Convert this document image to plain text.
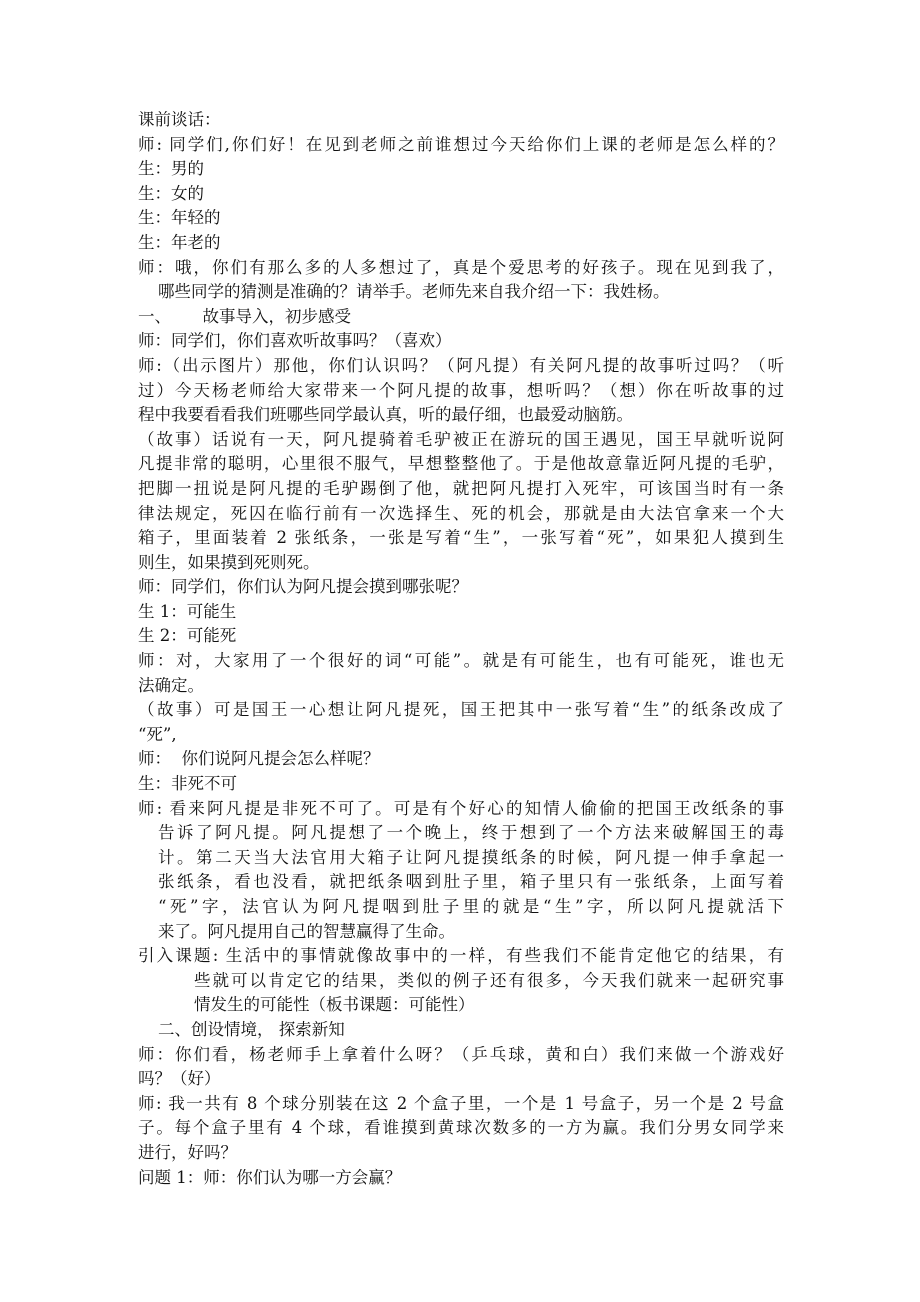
课前谈话：
师: 同学们,你们好！在见到老师之前谁想过今天给你们上课的老师是怎么样的？
生：男的
生：女的
生：年轻的
生：年老的
师：哦，你们有那么多的人多想过了，真是个爱思考的好孩子。现在见到我了，
哪些同学的猜测是准确的？请举手。老师先来自我介绍一下：我姓杨。
一、      故事导入，初步感受
师：同学们，你们喜欢听故事吗？（喜欢）
师:（出示图片）那他，你们认识吗？（阿凡提）有关阿凡提的故事听过吗？（听
过）今天杨老师给大家带来一个阿凡提的故事，想听吗？（想）你在听故事的过
程中我要看看我们班哪些同学最认真，听的最仔细，也最爱动脑筋。
（故事）话说有一天，阿凡提骑着毛驴被正在游玩的国王遇见，国王早就听说阿
凡提非常的聪明，心里很不服气，早想整整他了。于是他故意靠近阿凡提的毛驴，
把脚一扭说是阿凡提的毛驴踢倒了他，就把阿凡提打入死牢，可该国当时有一条
律法规定，死囚在临行前有一次选择生、死的机会，那就是由大法官拿来一个大
箱子，里面装着 2 张纸条，一张是写着“生”，一张写着“死”，如果犯人摸到生
则生，如果摸到死则死。
师：同学们，你们认为阿凡提会摸到哪张呢？
生 1：可能生
生 2：可能死
师：对，大家用了一个很好的词“可能”。就是有可能生，也有可能死，谁也无
法确定。
（故事）可是国王一心想让阿凡提死，国王把其中一张写着“生”的纸条改成了
“死”,
师：  你们说阿凡提会怎么样呢？
生：非死不可
师: 看来阿凡提是非死不可了。可是有个好心的知情人偷偷的把国王改纸条的事
告诉了阿凡提。阿凡提想了一个晚上，终于想到了一个方法来破解国王的毒
计。第二天当大法官用大箱子让阿凡提摸纸条的时候，阿凡提一伸手拿起一
张纸条，看也没看，就把纸条咽到肚子里，箱子里只有一张纸条，上面写着
“死”字，法官认为阿凡提咽到肚子里的就是“生”字，所以阿凡提就活下
来了。阿凡提用自己的智慧赢得了生命。
引入课题: 生活中的事情就像故事中的一样，有些我们不能肯定他它的结果，有
些就可以肯定它的结果，类似的例子还有很多，今天我们就来一起研究事
情发生的可能性（板书课题：可能性）
二、创设情境， 探索新知
师：你们看，杨老师手上拿着什么呀？（乒乓球，黄和白）我们来做一个游戏好
吗？（好）
师: 我一共有 8 个球分别装在这 2 个盒子里，一个是 1 号盒子，另一个是 2 号盒
子。每个盒子里有 4 个球，看谁摸到黄球次数多的一方为赢。我们分男女同学来
进行，好吗？
问题 1：师：你们认为哪一方会赢？
